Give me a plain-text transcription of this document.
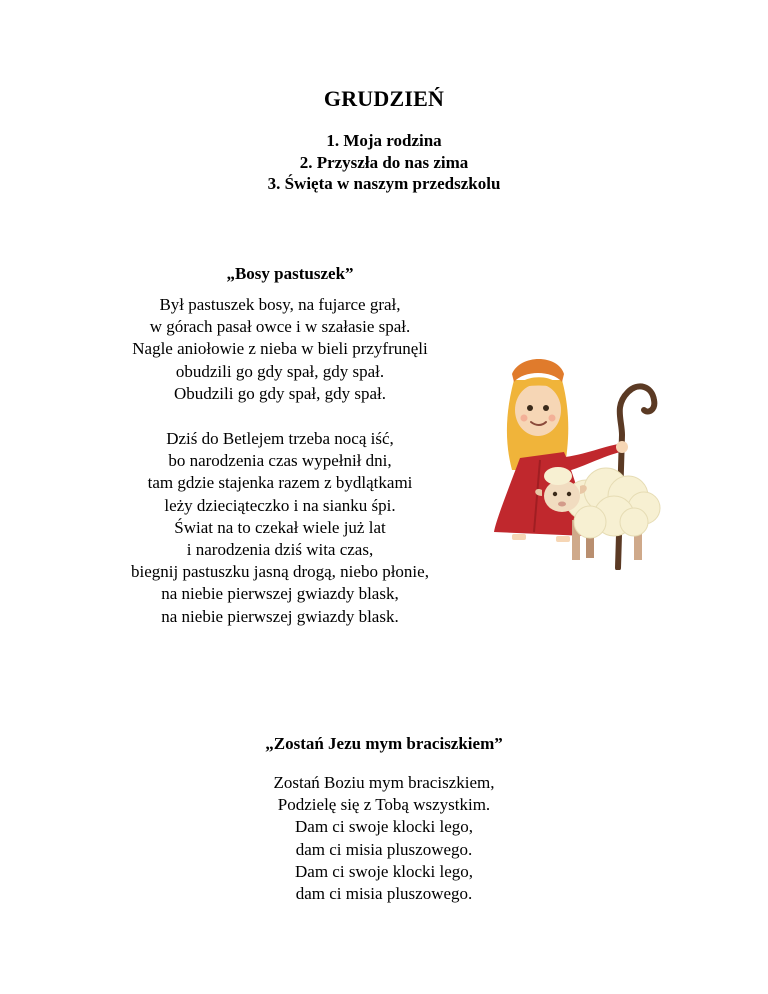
GRUDZIEŃ
1. Moja rodzina
2. Przyszła do nas zima
3. Święta w naszym przedszkolu
„Bosy pastuszek”
Był pastuszek bosy, na fujarce grał,
w górach pasał owce i w szałasie spał.
Nagle aniołowie z nieba w bieli przyfrunęli
obudzili go gdy spał, gdy spał.
Obudzili go gdy spał, gdy spał.
Dziś do Betlejem trzeba nocą iść,
bo narodzenia czas wypełnił dni,
tam gdzie stajenka razem z bydlątkami
leży dzieciąteczko i na sianku śpi.
Świat na to czekał wiele już lat
i narodzenia dziś wita czas,
biegnij pastuszku jasną drogą, niebo płonie,
na niebie pierwszej gwiazdy blask,
na niebie pierwszej gwiazdy blask.
„Zostań Jezu mym braciszkiem”
Zostań Boziu mym braciszkiem,
Podzielę się z Tobą wszystkim.
Dam ci swoje klocki lego,
dam ci misia pluszowego.
Dam ci swoje klocki lego,
dam ci misia pluszowego.
